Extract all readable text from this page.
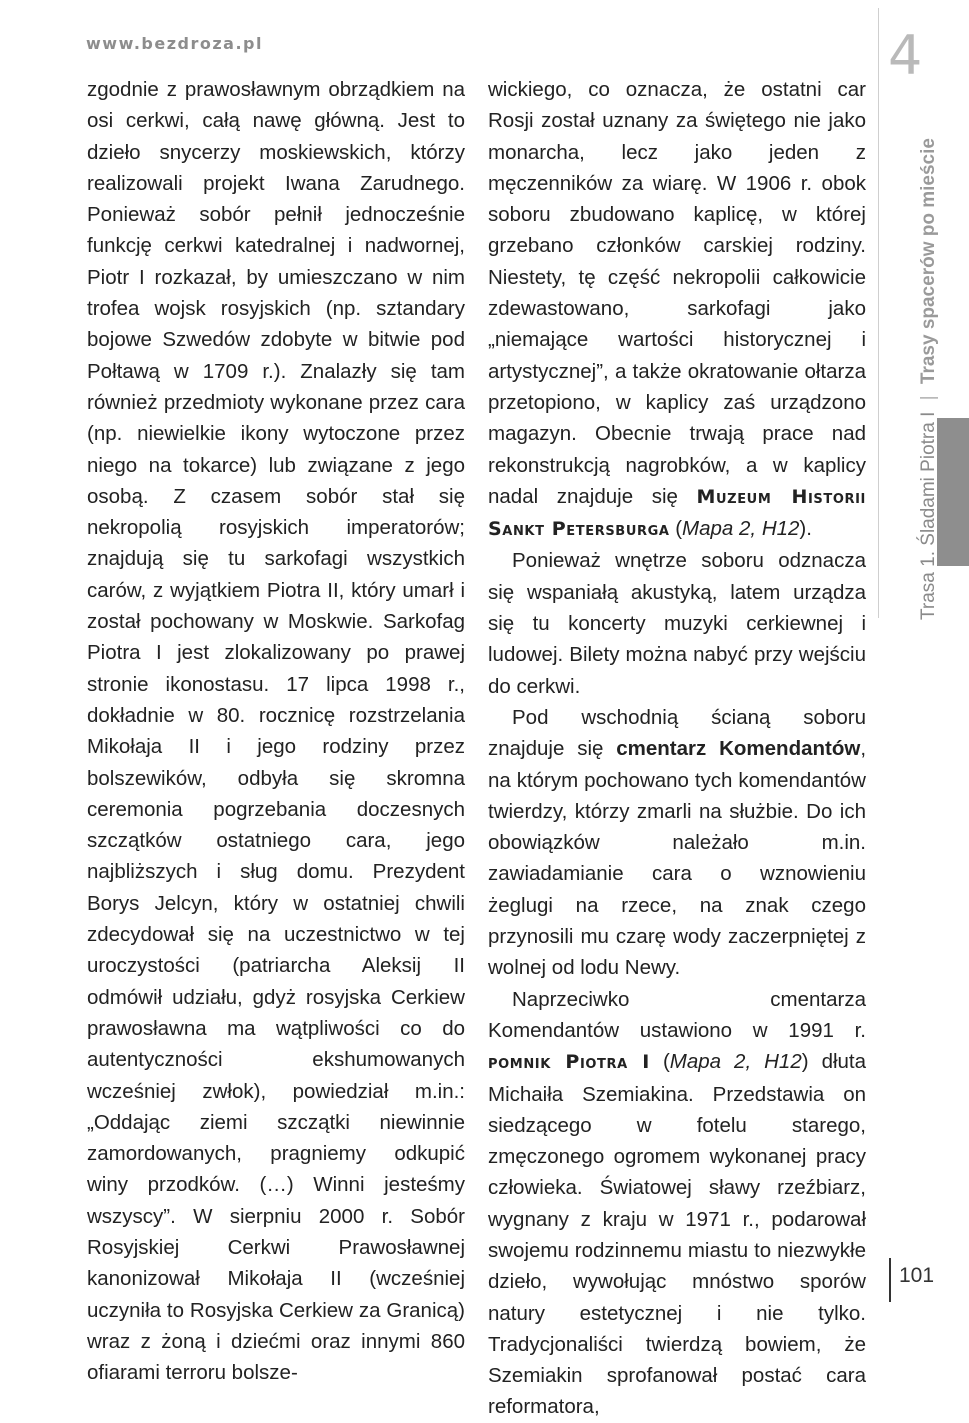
www.bezdroza.pl	4
Trasa 1. Śladami Piotra I | Trasy spacerów po mieście

zgodnie z prawosławnym obrządkiem na osi cerkwi, całą nawę główną. Jest to dzieło snycerzy moskiewskich, którzy realizowali projekt Iwana Zarudnego. Ponieważ sobór pełnił jednocześnie funkcję cerkwi katedralnej i nadwornej, Piotr I rozkazał, by umieszczano w nim trofea wojsk rosyjskich (np. sztandary bojowe Szwedów zdobyte w bitwie pod Połtawą w 1709 r.). Znalazły się tam również przedmioty wykonane przez cara (np. niewielkie ikony wytoczone przez niego na tokarce) lub związane z jego osobą. Z czasem sobór stał się nekropolią rosyjskich imperatorów; znajdują się tu sarkofagi wszystkich carów, z wyjątkiem Piotra II, który umarł i został pochowany w Moskwie. Sarkofag Piotra I jest zlokalizowany po prawej stronie ikonostasu. 17 lipca 1998 r., dokładnie w 80. rocznicę rozstrzelania Mikołaja II i jego rodziny przez bolszewików, odbyła się skromna ceremonia pogrzebania doczesnych szczątków ostatniego cara, jego najbliższych i sług domu. Prezydent Borys Jelcyn, który w ostatniej chwili zdecydował się na uczestnictwo w tej uroczystości (patriarcha Aleksij II odmówił udziału, gdyż rosyjska Cerkiew prawosławna ma wątpliwości co do autentyczności ekshumowanych wcześniej zwłok), powiedział m.in.: „Oddając ziemi szczątki niewinnie zamordowanych, pragniemy odkupić winy przodków. (…) Winni jesteśmy wszyscy”. W sierpniu 2000 r. Sobór Rosyjskiej Cerkwi Prawosławnej kanonizował Mikołaja II (wcześniej uczyniła to Rosyjska Cerkiew za Granicą) wraz z żoną i dziećmi oraz innymi 860 ofiarami terroru bolsze-

wickiego, co oznacza, że ostatni car Rosji został uznany za świętego nie jako monarcha, lecz jako jeden z męczenników za wiarę. W 1906 r. obok soboru zbudowano kaplicę, w której grzebano członków carskiej rodziny. Niestety, tę część nekropolii całkowicie zdewastowano, sarkofagi jako „niemające wartości historycznej i artystycznej”, a także okratowanie ołtarza przetopiono, w kaplicy zaś urządzono magazyn. Obecnie trwają prace nad rekonstrukcją nagrobków, a w kaplicy nadal znajduje się Muzeum Historii Sankt Petersburga (Mapa 2, H12).

Ponieważ wnętrze soboru odznacza się wspaniałą akustyką, latem urządza się tu koncerty muzyki cerkiewnej i ludowej. Bilety można nabyć przy wejściu do cerkwi.

Pod wschodnią ścianą soboru znajduje się cmentarz Komendantów, na którym pochowano tych komendantów twierdzy, którzy zmarli na służbie. Do ich obowiązków należało m.in. zawiadamianie cara o wznowieniu żeglugi na rzece, na znak czego przynosili mu czarę wody zaczerpniętej z wolnej od lodu Newy.

Naprzeciwko cmentarza Komendantów ustawiono w 1991 r. pomnik Piotra I (Mapa 2, H12) dłuta Michaiła Szemiakina. Przedstawia on siedzącego w fotelu starego, zmęczonego ogromem wykonanej pracy człowieka. Światowej sławy rzeźbiarz, wygnany z kraju w 1971 r., podarował swojemu rodzinnemu miastu to niezwykłe dzieło, wywołując mnóstwo sporów natury estetycznej i nie tylko. Tradycjonaliści twierdzą bowiem, że Szemiakin sprofanował postać cara reformatora,

101
